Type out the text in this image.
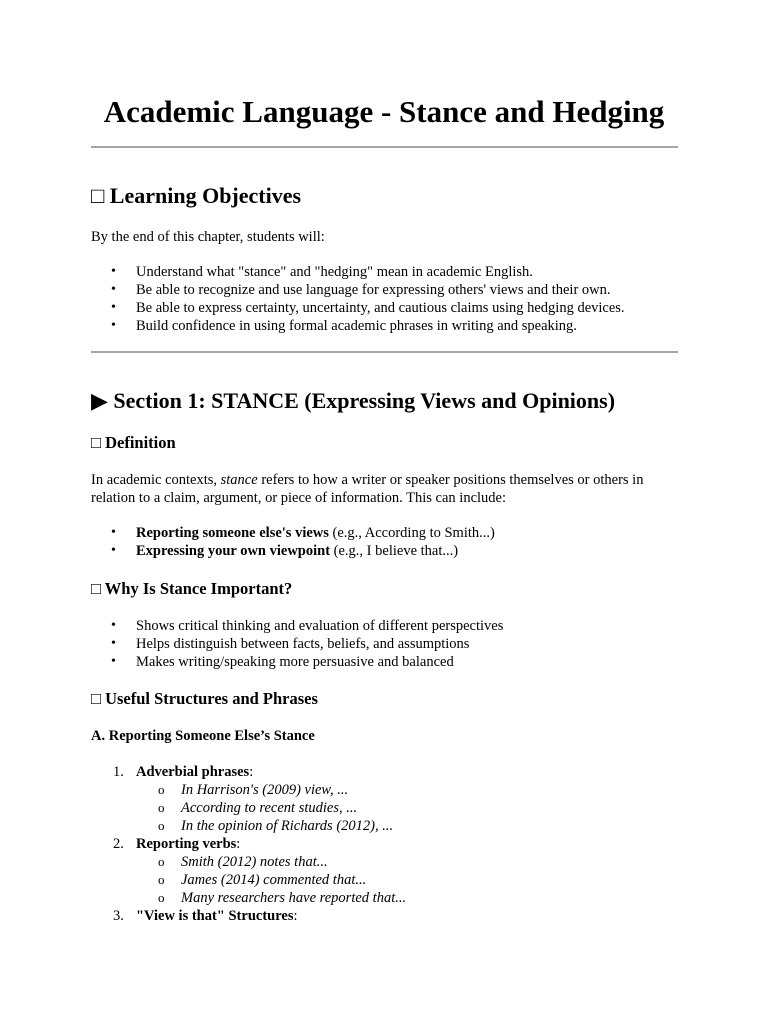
Academic Language - Stance and Hedging
□ Learning Objectives

By the end of this chapter, students will:

• Understand what "stance" and "hedging" mean in academic English.
• Be able to recognize and use language for expressing others' views and their own.
• Be able to express certainty, uncertainty, and cautious claims using hedging devices.
• Build confidence in using formal academic phrases in writing and speaking.
▶ Section 1: STANCE (Expressing Views and Opinions)
□ Definition

In academic contexts, stance refers to how a writer or speaker positions themselves or others in relation to a claim, argument, or piece of information. This can include:

• Reporting someone else's views (e.g., According to Smith...)
• Expressing your own viewpoint (e.g., I believe that...)
□ Why Is Stance Important?
• Shows critical thinking and evaluation of different perspectives
• Helps distinguish between facts, beliefs, and assumptions
• Makes writing/speaking more persuasive and balanced
□ Useful Structures and Phrases
A. Reporting Someone Else’s Stance
1. Adverbial phrases:
o In Harrison's (2009) view, ...
o According to recent studies, ...
o In the opinion of Richards (2012), ...
2. Reporting verbs:
o Smith (2012) notes that...
o James (2014) commented that...
o Many researchers have reported that...
3. "View is that" Structures:
